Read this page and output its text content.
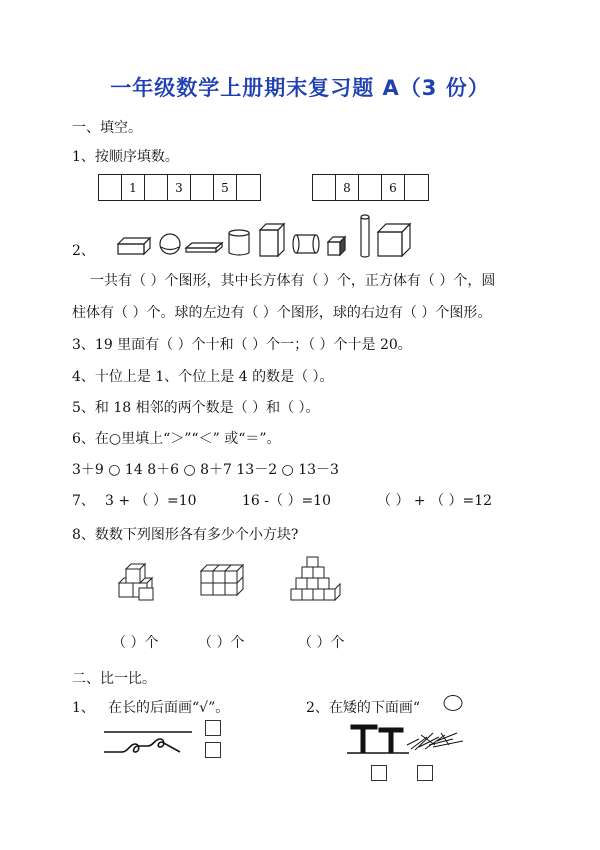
一年级数学上册期末复习题 A（3 份）
一、填空。
1、按顺序填数。
1	3	5	8	6
2、
一共有（ ）个图形，其中长方体有（ ）个，正方体有（ ）个，圆
柱体有（ ）个。球的左边有（ ）个图形，球的右边有（ ）个图形。
3、19 里面有（ ）个十和（ ）个一；（ ）个十是 20。
4、十位上是 1、个位上是 4 的数是（ ）。
5、和 18 相邻的两个数是（ ）和（ ）。
6、在○里填上“＞”“＜” 或“＝”。
3＋9 ○ 14 8＋6 ○ 8＋7 13－2 ○ 13－3
7、 3 + （ ）=10	16 -（ ）=10	（ ） + （ ）=12
8、数数下列图形各有多少个小方块?
（ ）个	（ ）个	（ ）个
二、比一比。
1、 在长的后面画“√”。	2、在矮的下面画“
